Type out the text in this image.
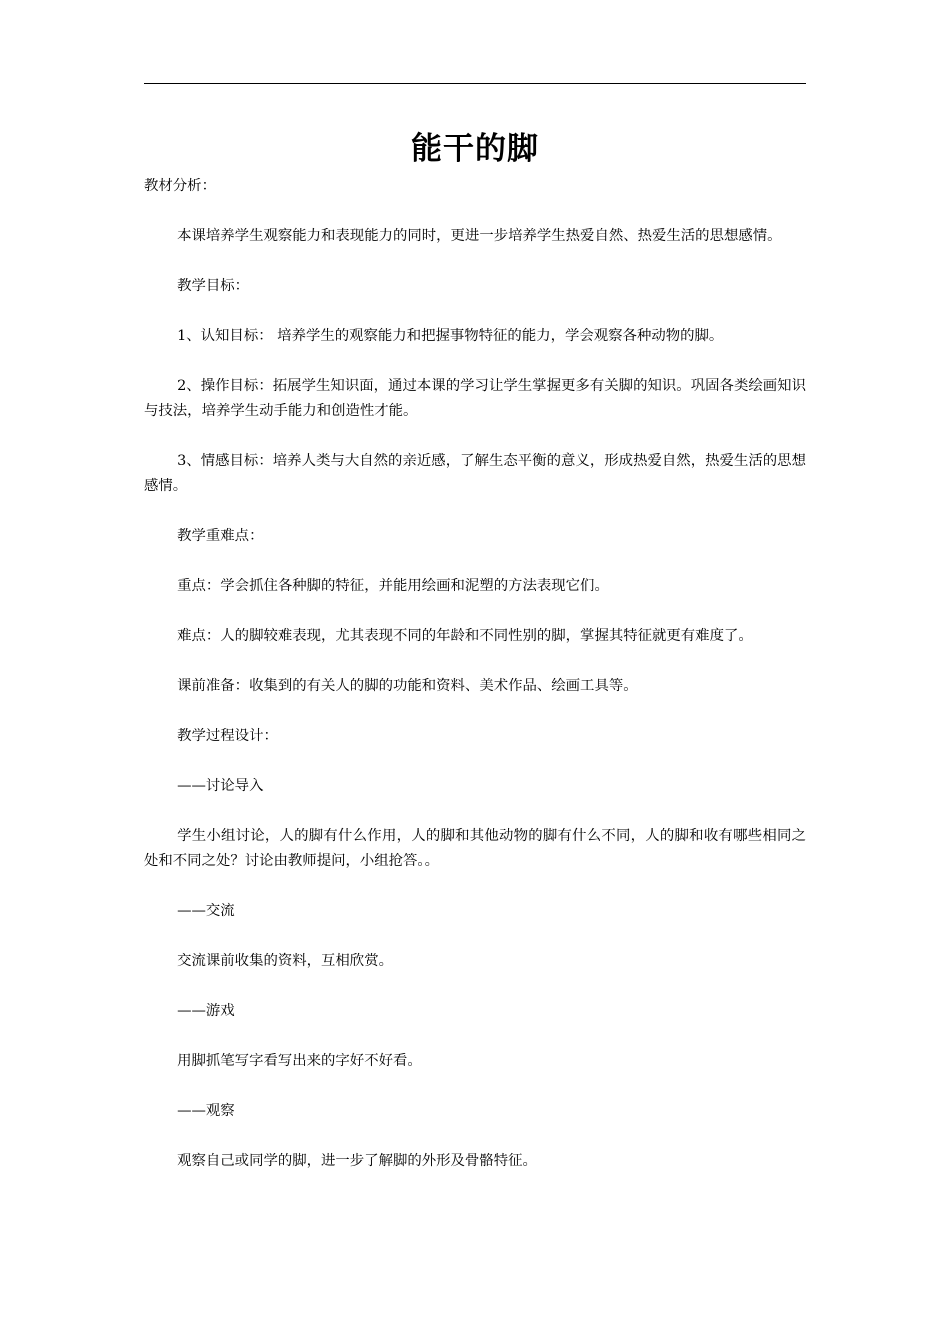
能干的脚

教材分析：

本课培养学生观察能力和表现能力的同时，更进一步培养学生热爱自然、热爱生活的思想感情。

教学目标：

1、认知目标： 培养学生的观察能力和把握事物特征的能力，学会观察各种动物的脚。

2、操作目标：拓展学生知识面，通过本课的学习让学生掌握更多有关脚的知识。巩固各类绘画知识与技法，培养学生动手能力和创造性才能。

3、情感目标：培养人类与大自然的亲近感，了解生态平衡的意义，形成热爱自然，热爱生活的思想感情。

教学重难点：

重点：学会抓住各种脚的特征，并能用绘画和泥塑的方法表现它们。

难点：人的脚较难表现，尤其表现不同的年龄和不同性别的脚，掌握其特征就更有难度了。

课前准备：收集到的有关人的脚的功能和资料、美术作品、绘画工具等。

教学过程设计：

——讨论导入

学生小组讨论，人的脚有什么作用，人的脚和其他动物的脚有什么不同，人的脚和收有哪些相同之处和不同之处？讨论由教师提问，小组抢答。。

——交流

交流课前收集的资料，互相欣赏。

——游戏

用脚抓笔写字看写出来的字好不好看。

——观察

观察自己或同学的脚，进一步了解脚的外形及骨骼特征。
